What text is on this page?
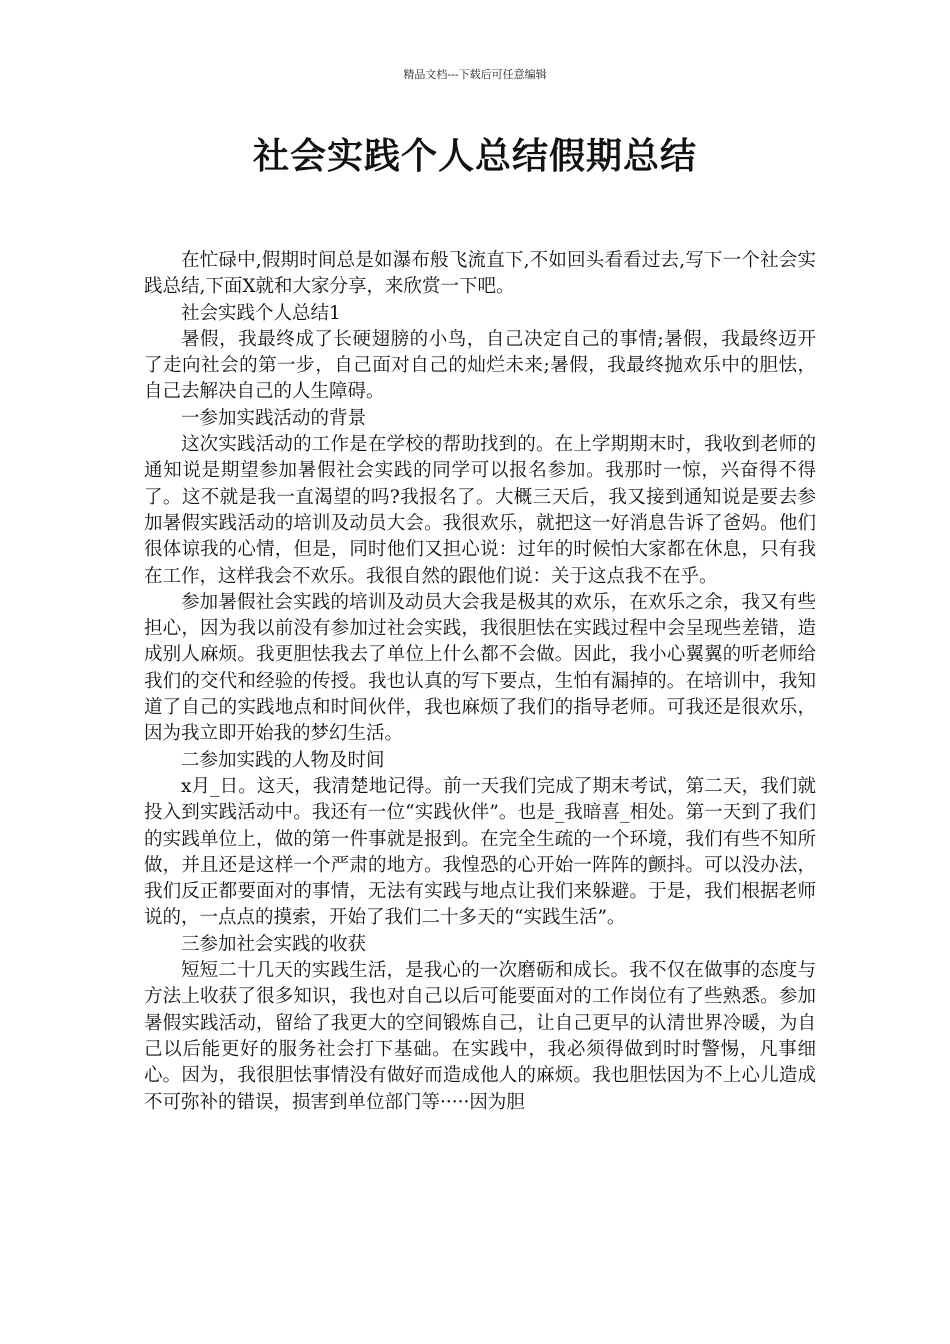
精品文档---下载后可任意编辑
社会实践个人总结假期总结

在忙碌中,假期时间总是如瀑布般飞流直下,不如回头看看过去,写下一个社会实践总结,下面X就和大家分享，来欣赏一下吧。

社会实践个人总结1

暑假，我最终成了长硬翅膀的小鸟，自己决定自己的事情;暑假，我最终迈开了走向社会的第一步，自己面对自己的灿烂未来;暑假，我最终抛欢乐中的胆怯，自己去解决自己的人生障碍。

一参加实践活动的背景

这次实践活动的工作是在学校的帮助找到的。在上学期期末时，我收到老师的通知说是期望参加暑假社会实践的同学可以报名参加。我那时一惊，兴奋得不得了。这不就是我一直渴望的吗?我报名了。大概三天后，我又接到通知说是要去参加暑假实践活动的培训及动员大会。我很欢乐，就把这一好消息告诉了爸妈。他们很体谅我的心情，但是，同时他们又担心说：过年的时候怕大家都在休息，只有我在工作，这样我会不欢乐。我很自然的跟他们说：关于这点我不在乎。

参加暑假社会实践的培训及动员大会我是极其的欢乐，在欢乐之余，我又有些担心，因为我以前没有参加过社会实践，我很胆怯在实践过程中会呈现些差错，造成别人麻烦。我更胆怯我去了单位上什么都不会做。因此，我小心翼翼的听老师给我们的交代和经验的传授。我也认真的写下要点，生怕有漏掉的。在培训中，我知道了自己的实践地点和时间伙伴，我也麻烦了我们的指导老师。可我还是很欢乐，因为我立即开始我的梦幻生活。

二参加实践的人物及时间

x月_日。这天，我清楚地记得。前一天我们完成了期末考试，第二天，我们就投入到实践活动中。我还有一位“实践伙伴”。也是_我暗喜_相处。第一天到了我们的实践单位上，做的第一件事就是报到。在完全生疏的一个环境，我们有些不知所做，并且还是这样一个严肃的地方。我惶恐的心开始一阵阵的颤抖。可以没办法，我们反正都要面对的事情，无法有实践与地点让我们来躲避。于是，我们根据老师说的，一点点的摸索，开始了我们二十多天的“实践生活”。

三参加社会实践的收获

短短二十几天的实践生活，是我心的一次磨砺和成长。我不仅在做事的态度与方法上收获了很多知识，我也对自己以后可能要面对的工作岗位有了些熟悉。参加暑假实践活动，留给了我更大的空间锻炼自己，让自己更早的认清世界冷暖，为自己以后能更好的服务社会打下基础。在实践中，我必须得做到时时警惕，凡事细心。因为，我很胆怯事情没有做好而造成他人的麻烦。我也胆怯因为不上心儿造成不可弥补的错误，损害到单位部门等·····因为胆
